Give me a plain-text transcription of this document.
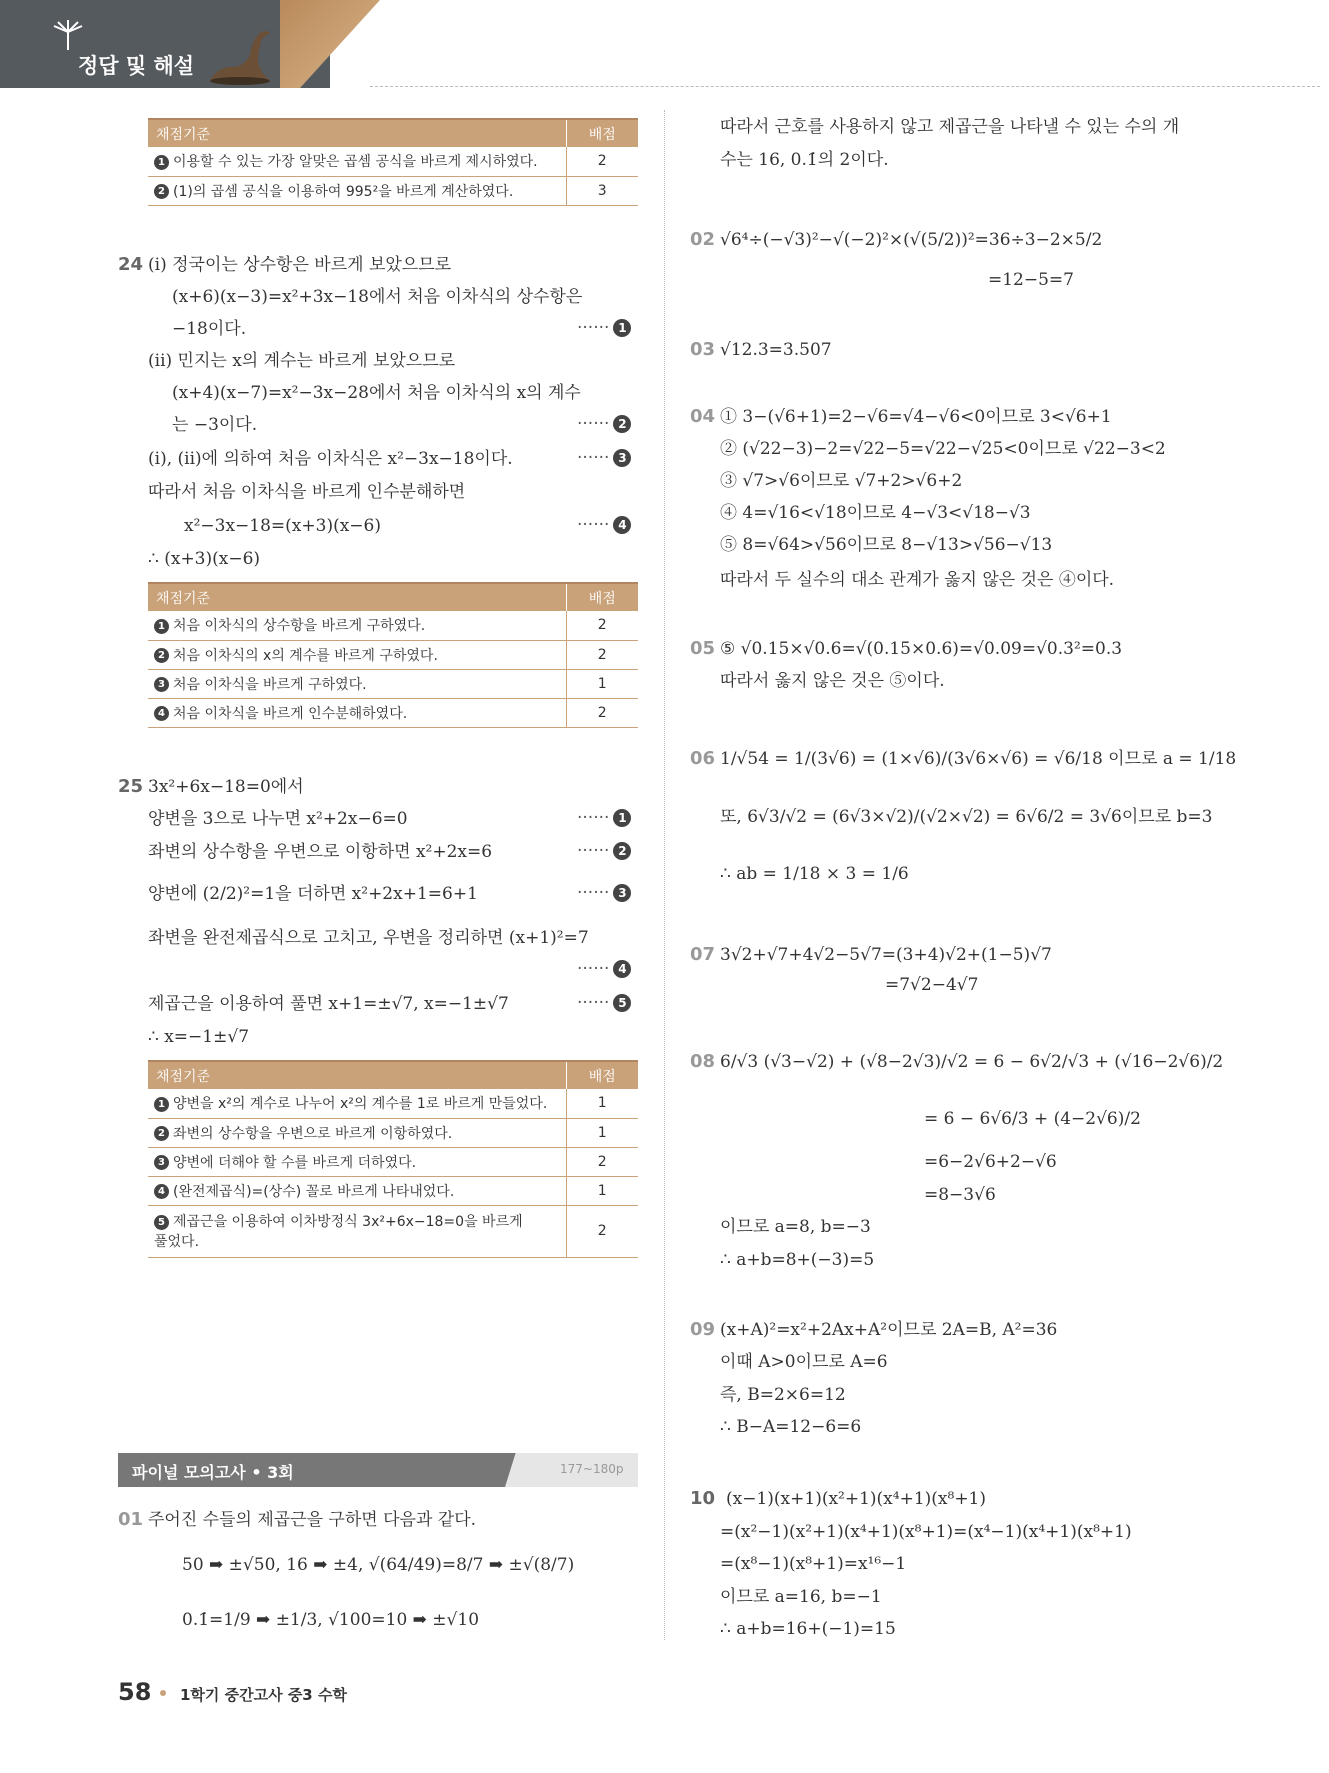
정답 및 해설
채점기준	배점
1 이용할 수 있는 가장 알맞은 곱셈 공식을 바르게 제시하였다.	2
2 (1)의 곱셈 공식을 이용하여 995²을 바르게 계산하였다.	3
24 (i) 정국이는 상수항은 바르게 보았으므로
(x+6)(x−3)=x²+3x−18에서 처음 이차식의 상수항은
−18이다.	······ 1
(ii) 민지는 x의 계수는 바르게 보았으므로
(x+4)(x−7)=x²−3x−28에서 처음 이차식의 x의 계수
는 −3이다.	······ 2
(i), (ii)에 의하여 처음 이차식은 x²−3x−18이다.	······ 3
따라서 처음 이차식을 바르게 인수분해하면
x²−3x−18=(x+3)(x−6)	······ 4
∴ (x+3)(x−6)
채점기준	배점
1 처음 이차식의 상수항을 바르게 구하였다.	2
2 처음 이차식의 x의 계수를 바르게 구하였다.	2
3 처음 이차식을 바르게 구하였다.	1
4 처음 이차식을 바르게 인수분해하였다.	2
25 3x²+6x−18=0에서
양변을 3으로 나누면 x²+2x−6=0	······ 1
좌변의 상수항을 우변으로 이항하면 x²+2x=6	······ 2
양변에 (2/2)²=1을 더하면 x²+2x+1=6+1	······ 3
좌변을 완전제곱식으로 고치고, 우변을 정리하면 (x+1)²=7
······ 4
제곱근을 이용하여 풀면 x+1=±√7, x=−1±√7	······ 5
∴ x=−1±√7
채점기준	배점
1 양변을 x²의 계수로 나누어 x²의 계수를 1로 바르게 만들었다.	1
2 좌변의 상수항을 우변으로 바르게 이항하였다.	1
3 양변에 더해야 할 수를 바르게 더하였다.	2
4 (완전제곱식)=(상수) 꼴로 바르게 나타내었다.	1
5 제곱근을 이용하여 이차방정식 3x²+6x−18=0을 바르게
풀었다.	2
파이널 모의고사 • 3회	177~180p
01 주어진 수들의 제곱근을 구하면 다음과 같다.
50 ➡ ±√50, 16 ➡ ±4, √(64/49)=8/7 ➡ ±√(8/7)
0.1̇=1/9 ➡ ±1/3, √100=10 ➡ ±√10
따라서 근호를 사용하지 않고 제곱근을 나타낼 수 있는 수의 개
수는 16, 0.1̇의 2이다.
02 √6⁴÷(−√3)²−√(−2)²×(√(5/2))²=36÷3−2×5/2
=12−5=7
03 √12.3=3.507
04 ① 3−(√6+1)=2−√6=√4−√6<0이므로 3<√6+1
② (√22−3)−2=√22−5=√22−√25<0이므로 √22−3<2
③ √7>√6이므로 √7+2>√6+2
④ 4=√16<√18이므로 4−√3<√18−√3
⑤ 8=√64>√56이므로 8−√13>√56−√13
따라서 두 실수의 대소 관계가 옳지 않은 것은 ④이다.
05 ⑤ √0.15×√0.6=√(0.15×0.6)=√0.09=√0.3²=0.3
따라서 옳지 않은 것은 ⑤이다.
06 1/√54 = 1/(3√6) = (1×√6)/(3√6×√6) = √6/18 이므로 a = 1/18
또, 6√3/√2 = (6√3×√2)/(√2×√2) = 6√6/2 = 3√6이므로 b=3
∴ ab = 1/18 × 3 = 1/6
07 3√2+√7+4√2−5√7=(3+4)√2+(1−5)√7
=7√2−4√7
08 6/√3 (√3−√2) + (√8−2√3)/√2 = 6 − 6√2/√3 + (√16−2√6)/2
= 6 − 6√6/3 + (4−2√6)/2
=6−2√6+2−√6
=8−3√6
이므로 a=8, b=−3
∴ a+b=8+(−3)=5
09 (x+A)²=x²+2Ax+A²이므로 2A=B, A²=36
이때 A>0이므로 A=6
즉, B=2×6=12
∴ B−A=12−6=6
10 (x−1)(x+1)(x²+1)(x⁴+1)(x⁸+1)
=(x²−1)(x²+1)(x⁴+1)(x⁸+1)=(x⁴−1)(x⁴+1)(x⁸+1)
=(x⁸−1)(x⁸+1)=x¹⁶−1
이므로 a=16, b=−1
∴ a+b=16+(−1)=15
58 1학기 중간고사 중3 수학
